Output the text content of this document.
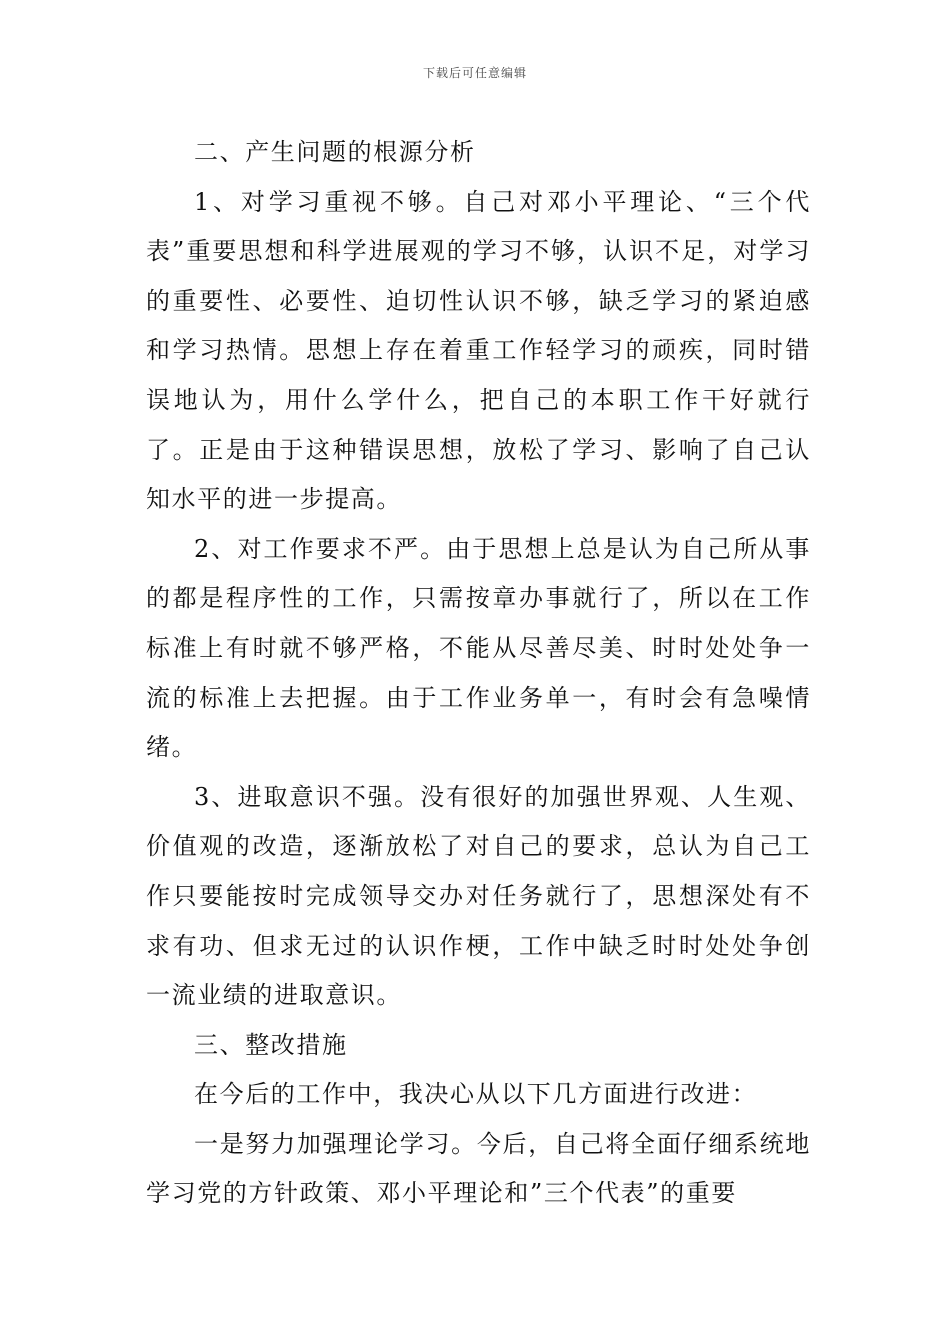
下载后可任意编辑

二、产生问题的根源分析

1、对学习重视不够。自己对邓小平理论、“三个代表”重要思想和科学进展观的学习不够，认识不足，对学习的重要性、必要性、迫切性认识不够，缺乏学习的紧迫感和学习热情。思想上存在着重工作轻学习的顽疾，同时错误地认为，用什么学什么，把自己的本职工作干好就行了。正是由于这种错误思想，放松了学习、影响了自己认知水平的进一步提高。

2、对工作要求不严。由于思想上总是认为自己所从事的都是程序性的工作，只需按章办事就行了，所以在工作标准上有时就不够严格，不能从尽善尽美、时时处处争一流的标准上去把握。由于工作业务单一，有时会有急噪情绪。

3、进取意识不强。没有很好的加强世界观、人生观、价值观的改造，逐渐放松了对自己的要求，总认为自己工作只要能按时完成领导交办对任务就行了，思想深处有不求有功、但求无过的认识作梗，工作中缺乏时时处处争创一流业绩的进取意识。

三、整改措施

在今后的工作中，我决心从以下几方面进行改进：

一是努力加强理论学习。今后，自己将全面仔细系统地学习党的方针政策、邓小平理论和”三个代表”的重要
